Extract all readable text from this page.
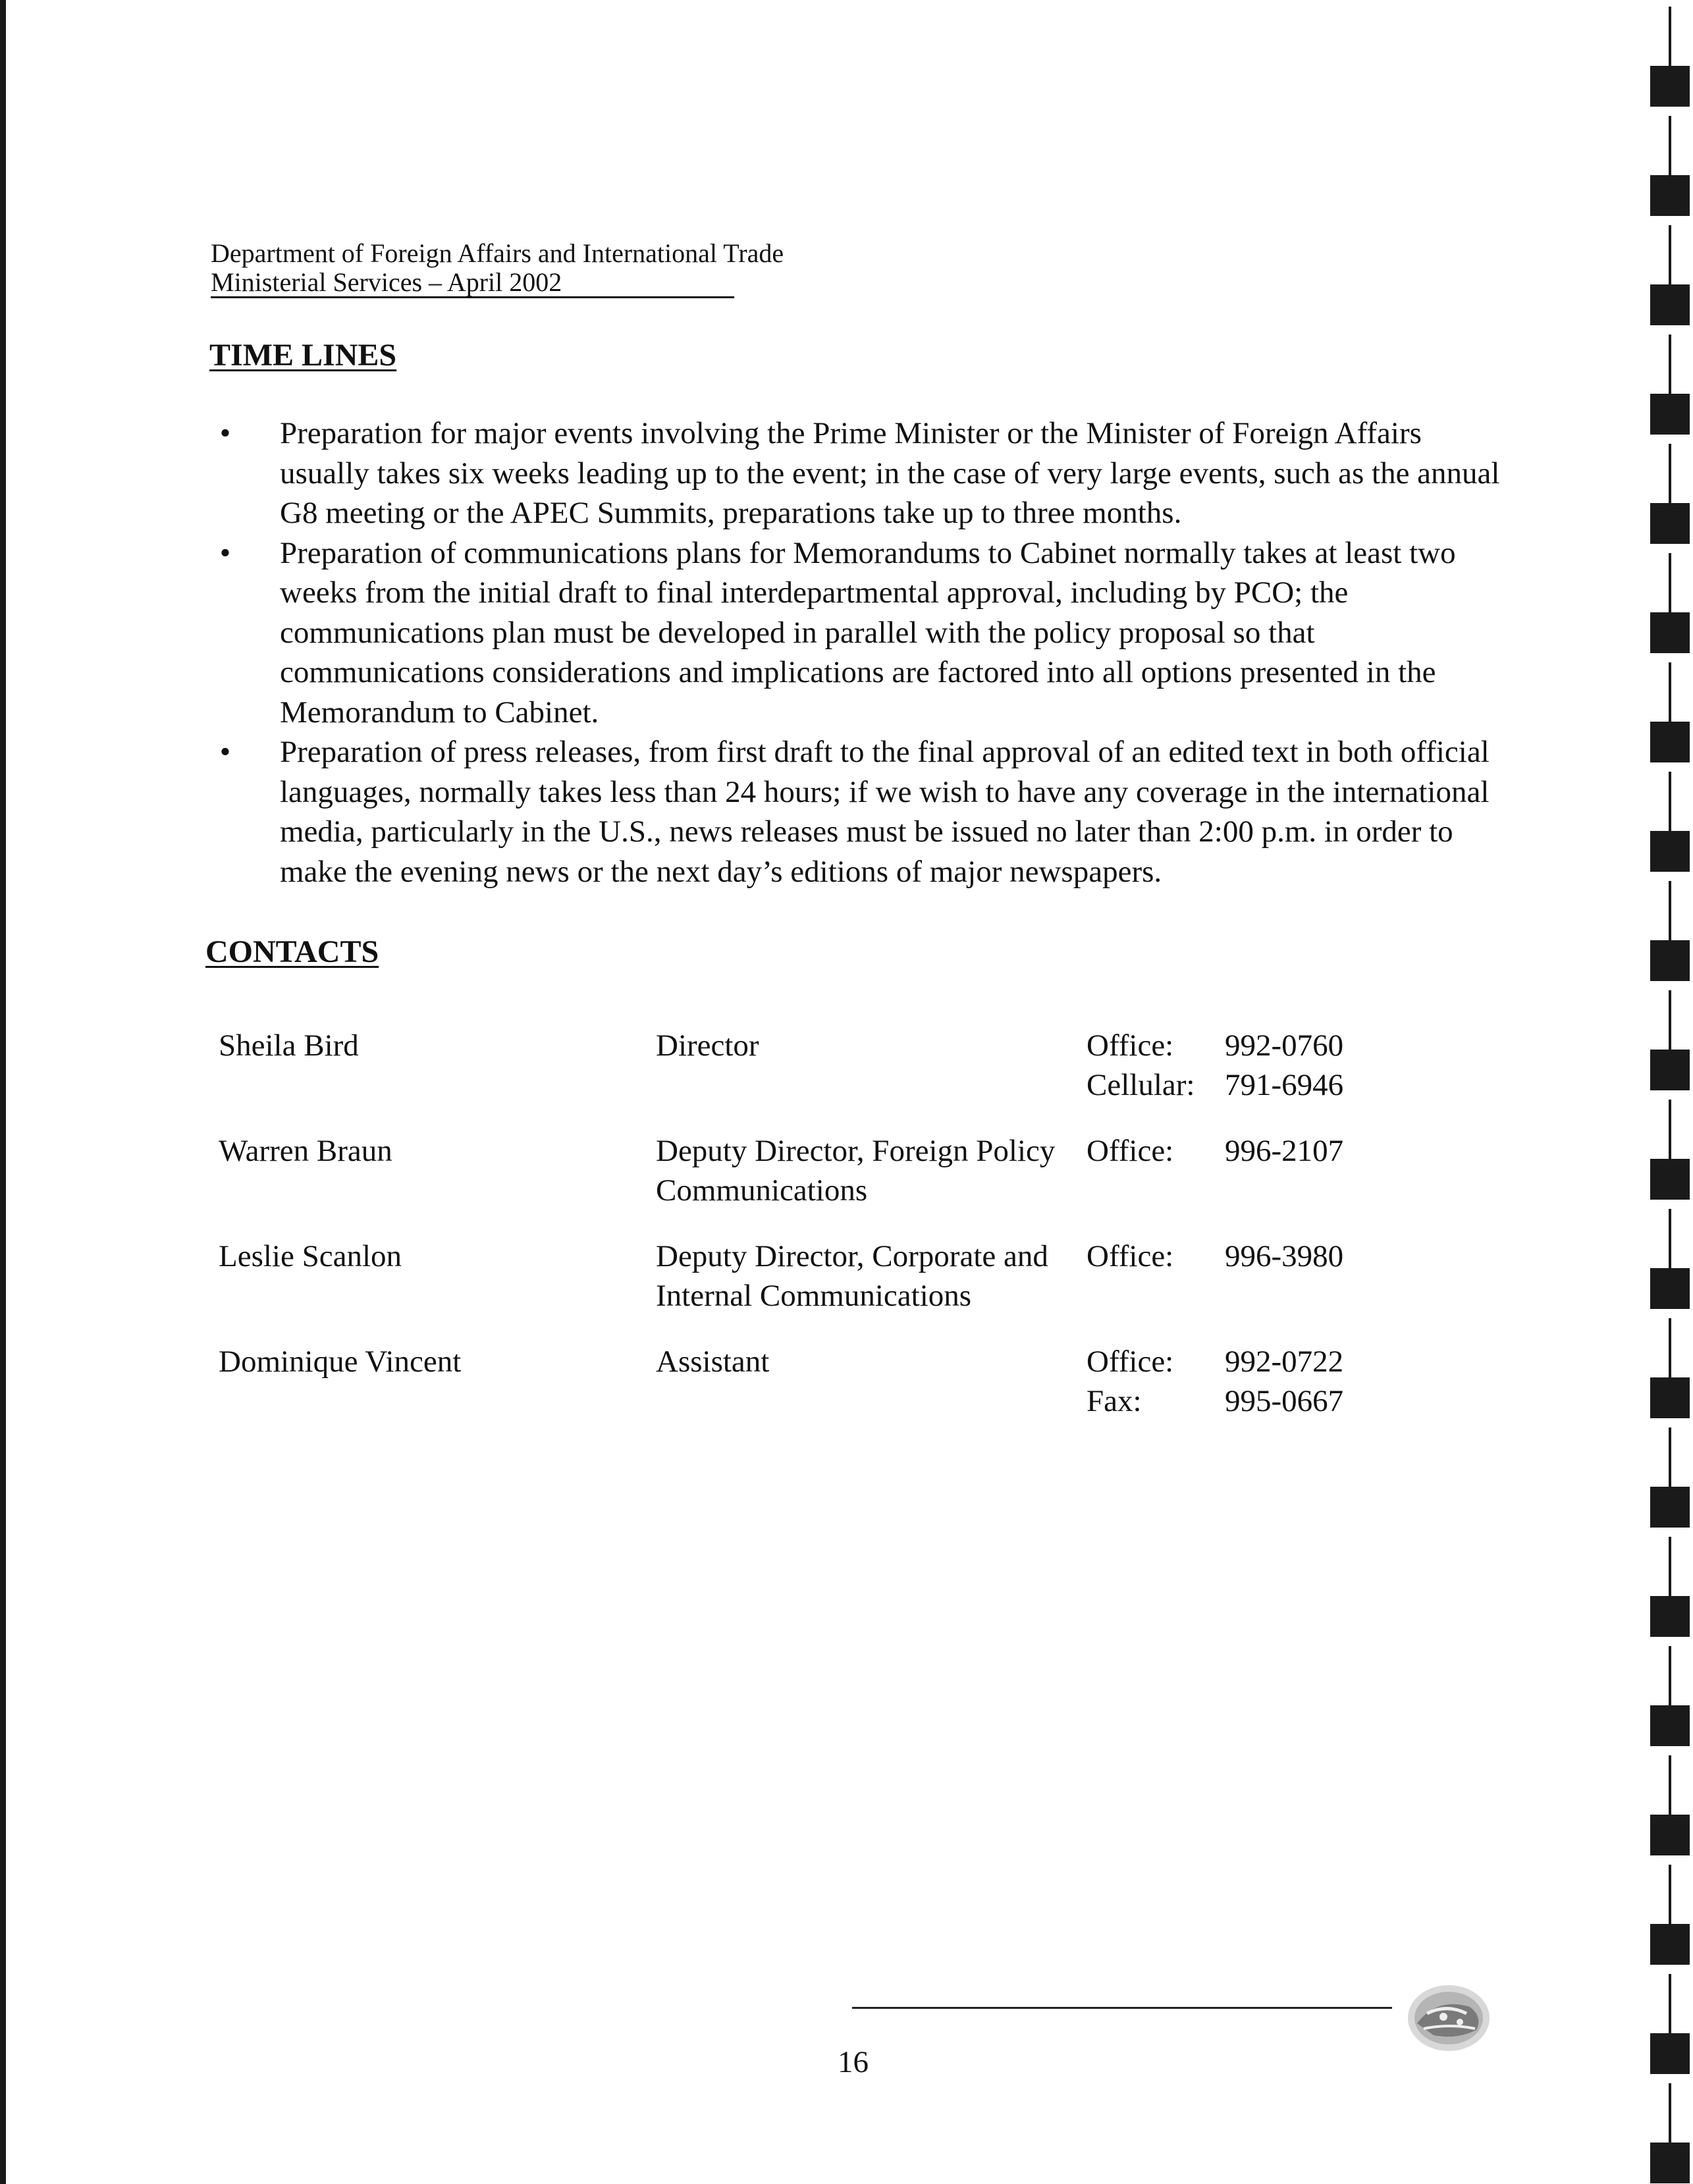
Department of Foreign Affairs and International Trade
Ministerial Services – April 2002
TIME LINES
• Preparation for major events involving the Prime Minister or the Minister of Foreign Affairs usually takes six weeks leading up to the event; in the case of very large events, such as the annual G8 meeting or the APEC Summits, preparations take up to three months.
• Preparation of communications plans for Memorandums to Cabinet normally takes at least two weeks from the initial draft to final interdepartmental approval, including by PCO; the communications plan must be developed in parallel with the policy proposal so that communications considerations and implications are factored into all options presented in the Memorandum to Cabinet.
• Preparation of press releases, from first draft to the final approval of an edited text in both official languages, normally takes less than 24 hours; if we wish to have any coverage in the international media, particularly in the U.S., news releases must be issued no later than 2:00 p.m. in order to make the evening news or the next day’s editions of major newspapers.
CONTACTS
Sheila Bird	Director	Office: 992-0760
Cellular: 791-6946
Warren Braun	Deputy Director, Foreign Policy Communications
Office: 996-2107
Leslie Scanlon	Deputy Director, Corporate and Internal Communications
Office: 996-3980
Dominique Vincent	Assistant	Office: 992-0722
Fax:	995-0667
16
